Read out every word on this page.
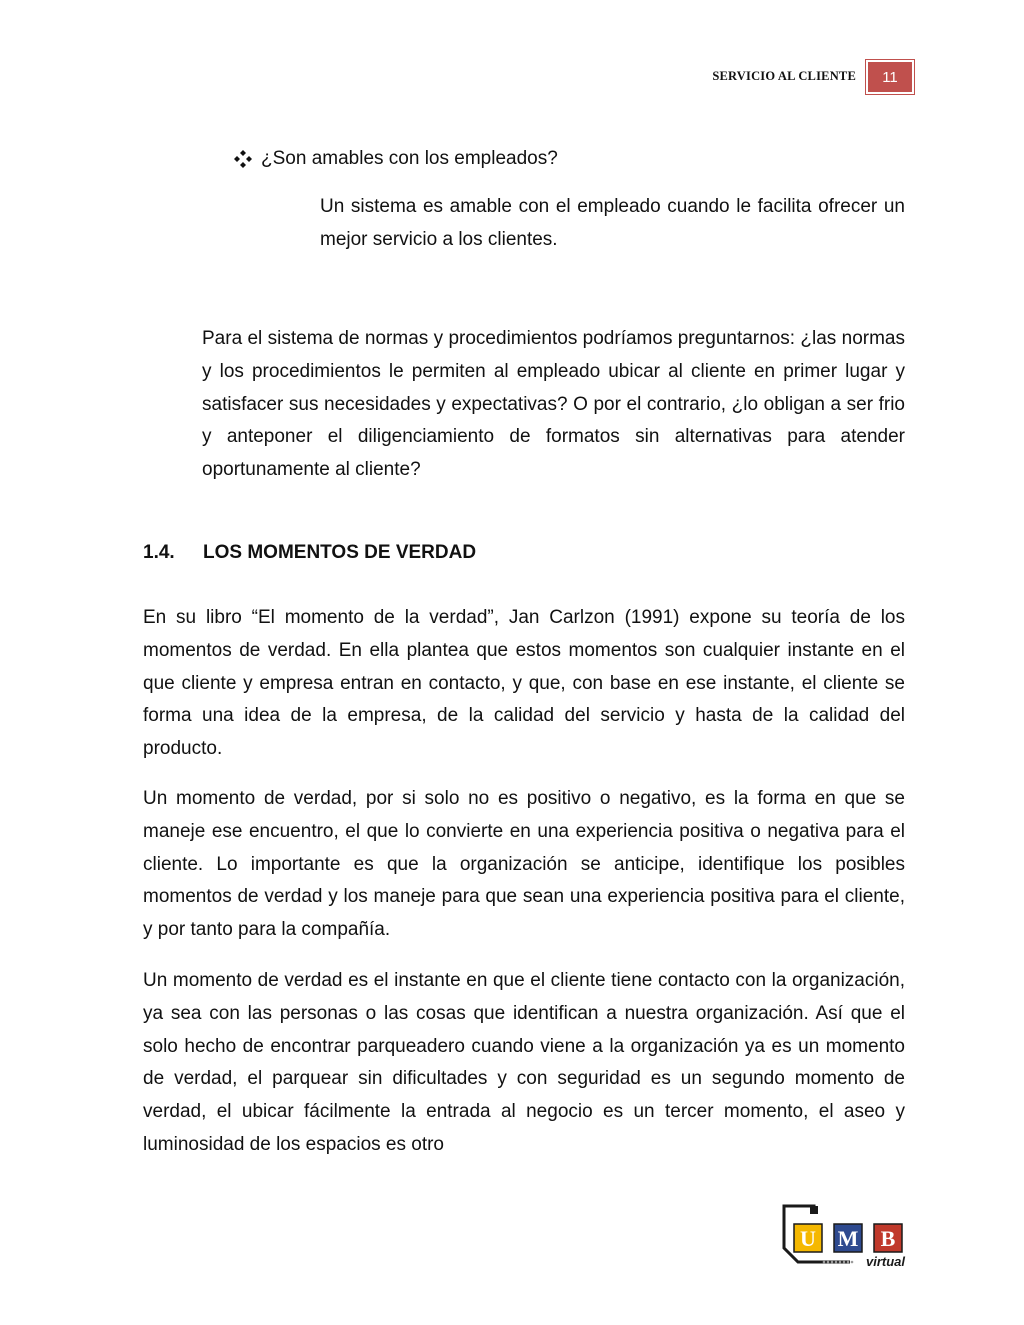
SERVICIO AL CLIENTE 11
¿Son amables con los empleados?

Un sistema es amable con el empleado cuando le facilita ofrecer un mejor servicio a los clientes.

Para el sistema de normas y procedimientos podríamos preguntarnos: ¿las normas y los procedimientos le permiten al empleado ubicar al cliente en primer lugar y satisfacer sus necesidades y expectativas? O por el contrario, ¿lo obligan a ser frio y anteponer el diligenciamiento de formatos sin alternativas para atender oportunamente al cliente?

1.4.	LOS MOMENTOS DE VERDAD

En su libro “El momento de la verdad”, Jan Carlzon (1991) expone su teoría de los momentos de verdad. En ella plantea que estos momentos son cualquier instante en el que cliente y empresa entran en contacto, y que, con base en ese instante, el cliente se forma una idea de la empresa, de la calidad del servicio y hasta de la calidad del producto.

Un momento de verdad, por si solo no es positivo o negativo, es la forma en que se maneje ese encuentro, el que lo convierte en una experiencia positiva o negativa para el cliente. Lo importante es que la organización se anticipe, identifique los posibles momentos de verdad y los maneje para que sean una experiencia positiva para el cliente, y por tanto para la compañía.

Un momento de verdad es el instante en que el cliente tiene contacto con la organización, ya sea con las personas o las cosas que identifican a nuestra organización. Así que el solo hecho de encontrar parqueadero cuando viene a la organización ya es un momento de verdad, el parquear sin dificultades y con seguridad es un segundo momento de verdad, el ubicar fácilmente la entrada al negocio es un tercer momento, el aseo y luminosidad de los espacios es otro

U M B
virtual
